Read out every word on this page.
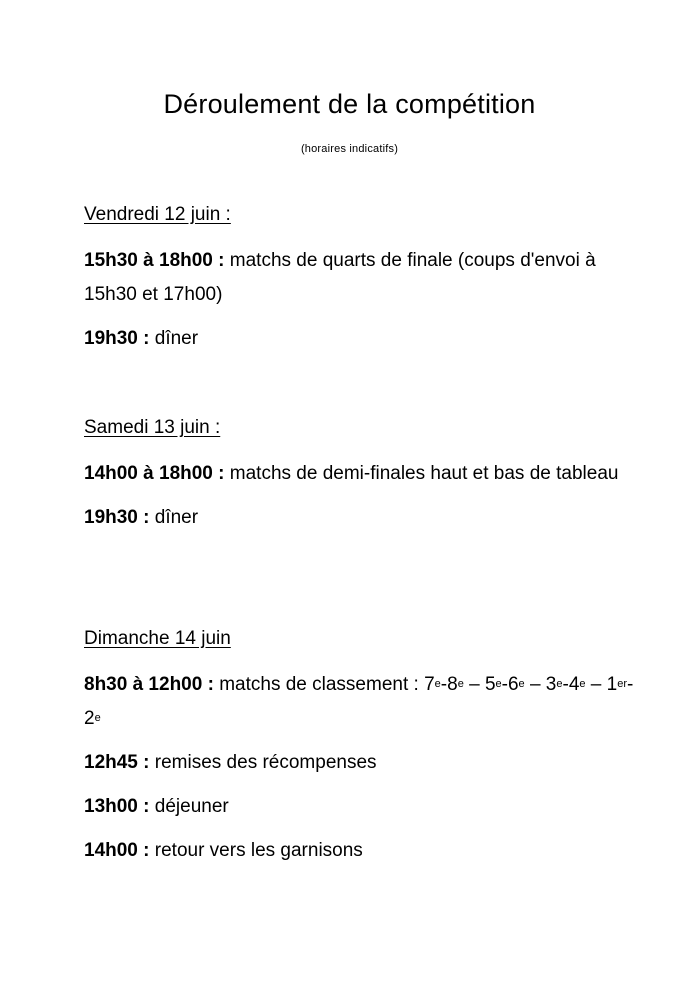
Déroulement de la compétition
(horaires indicatifs)
Vendredi 12 juin :
15h30 à 18h00 : matchs de quarts de finale (coups d'envoi à 15h30 et 17h00)
19h30 : dîner
Samedi 13 juin :
14h00 à 18h00 : matchs de demi-finales haut et bas de tableau
19h30 : dîner
Dimanche 14 juin
8h30 à 12h00 : matchs de classement : 7e-8e – 5e-6e – 3e-4e – 1er-2e
12h45 : remises des récompenses
13h00 : déjeuner
14h00 : retour vers les garnisons
